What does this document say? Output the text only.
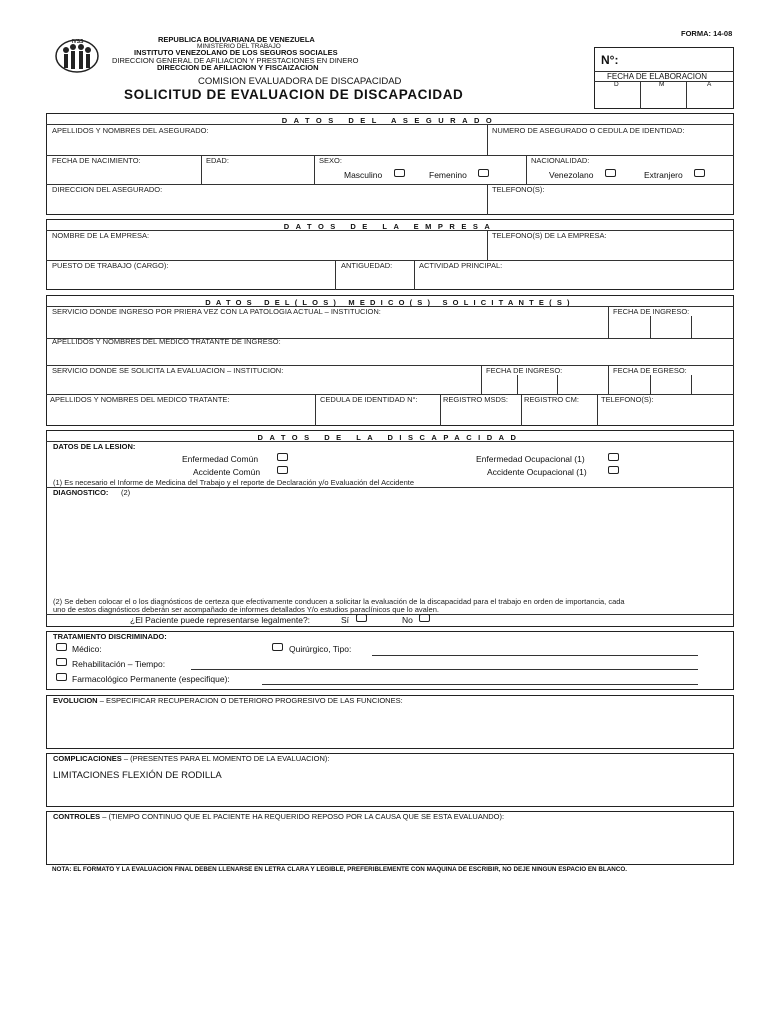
FORMA: 14-08
IVSS	REPUBLICA BOLIVARIANA DE VENEZUELA
MINISTERIO DEL TRABAJO
INSTITUTO VENEZOLANO DE LOS SEGUROS SOCIALES
DIRECCION GENERAL DE AFILIACION Y PRESTACIONES EN DINERO
DIRECCION DE AFILIACION Y FISCAIZACION
COMISION EVALUADORA DE DISCAPACIDAD
SOLICITUD DE EVALUACION DE DISCAPACIDAD
N°:
FECHA DE ELABORACION
D	M	A
DATOS DEL ASEGURADO
APELLIDOS Y NOMBRES DEL ASEGURADO:	NUMERO DE ASEGURADO O CEDULA DE IDENTIDAD:
FECHA DE NACIMIENTO:	EDAD:	SEXO:	NACIONALIDAD:
Masculino	Femenino	Venezolano	Extranjero
DIRECCION DEL ASEGURADO:	TELEFONO(S):
DATOS DE LA EMPRESA
NOMBRE DE LA EMPRESA:	TELEFONO(S) DE LA EMPRESA:
PUESTO DE TRABAJO (CARGO):	ANTIGUEDAD:	ACTIVIDAD PRINCIPAL:
DATOS DEL(LOS) MEDICO(S) SOLICITANTE(S)
SERVICIO DONDE INGRESO POR PRIERA VEZ CON LA PATOLOGIA ACTUAL – INSTITUCION:	FECHA DE INGRESO:
APELLIDOS Y NOMBRES DEL MEDICO TRATANTE DE INGRESO:
SERVICIO DONDE SE SOLICITA LA EVALUACION – INSTITUCION:	FECHA DE INGRESO:	FECHA DE EGRESO:
APELLIDOS Y NOMBRES DEL MEDICO TRATANTE:	CEDULA DE IDENTIDAD N°:	REGISTRO MSDS: REGISTRO CM:	TELEFONO(S):
DATOS DE LA DISCAPACIDAD
DATOS DE LA LESION:
Enfermedad Común
Accidente Común
Enfermedad Ocupacional (1)
Accidente Ocupacional (1)
(1) Es necesario el Informe de Medicina del Trabajo y el reporte de Declaración y/o Evaluación del Accidente
DIAGNOSTICO: (2)
(2) Se deben colocar el o los diagnósticos de certeza que efectivamente conducen a solicitar la evaluación de la discapacidad para el trabajo en orden de importancia, cada
uno de estos diagnósticos deberán ser acompañado de informes detallados Y/o estudios paraclínicos que lo avalen.
¿El Paciente puede representarse legalmente?:	Sí	No
TRATAMIENTO DISCRIMINADO:
Médico:	Quirúrgico, Tipo:
Rehabilitación – Tiempo:
Farmacológico Permanente (especifique):
EVOLUCION – ESPECIFICAR RECUPERACION O DETERIORO PROGRESIVO DE LAS FUNCIONES:
COMPLICACIONES – (PRESENTES PARA EL MOMENTO DE LA EVALUACION):
LIMITACIONES FLEXIÓN DE RODILLA
CONTROLES – (TIEMPO CONTINUO QUE EL PACIENTE HA REQUERIDO REPOSO POR LA CAUSA QUE SE ESTA EVALUANDO):
NOTA: EL FORMATO Y LA EVALUACION FINAL DEBEN LLENARSE EN LETRA CLARA Y LEGIBLE, PREFERIBLEMENTE CON MAQUINA DE ESCRIBIR, NO DEJE NINGUN ESPACIO EN BLANCO.
